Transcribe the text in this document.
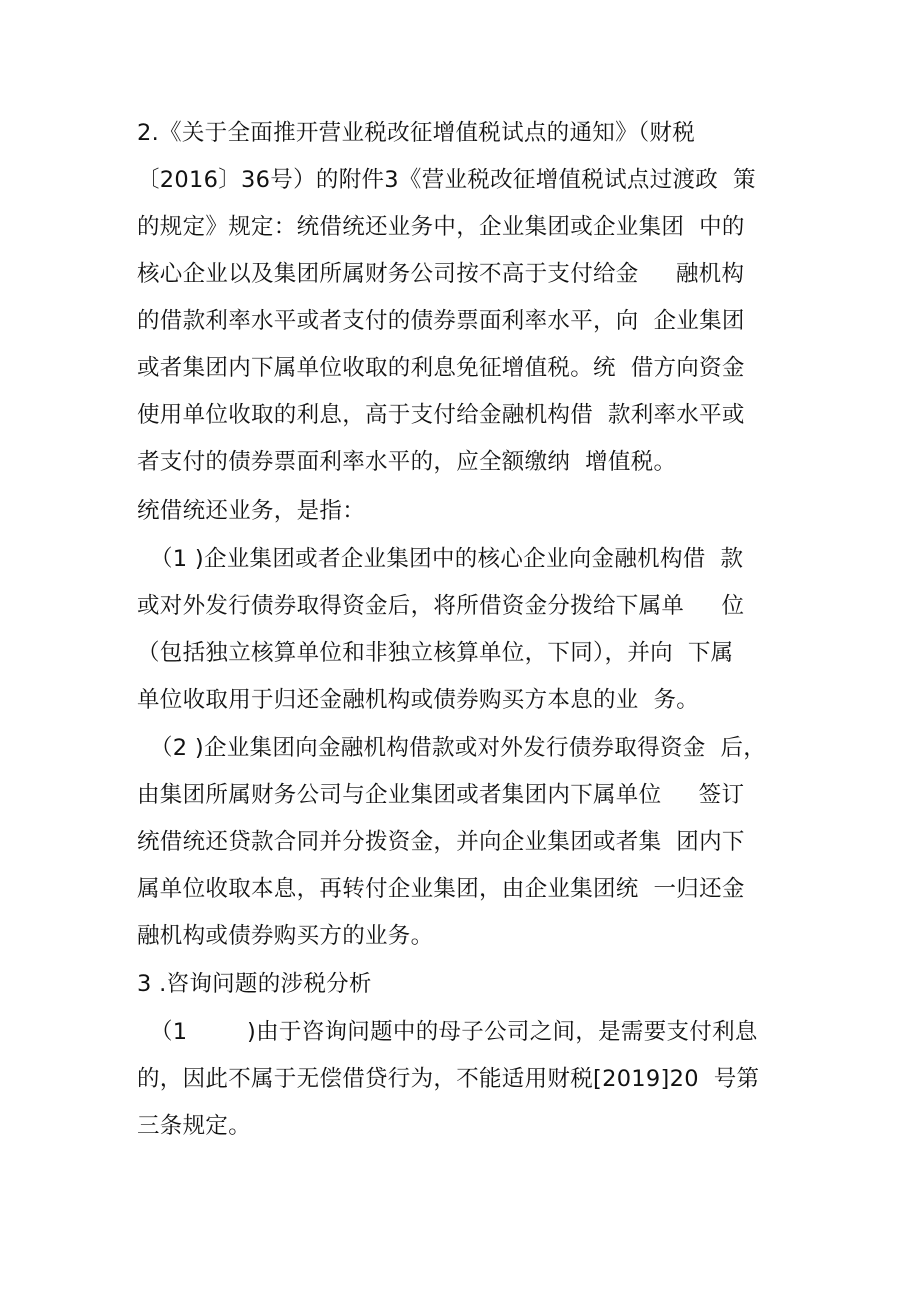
2.《关于全面推开营业税改征增值税试点的通知》（财税
〔2016〕36号）的附件3《营业税改征增值税试点过渡政  策
的规定》规定：统借统还业务中，企业集团或企业集团  中的
核心企业以及集团所属财务公司按不高于支付给金     融机构
的借款利率水平或者支付的债券票面利率水平，向  企业集团
或者集团内下属单位收取的利息免征增值税。统  借方向资金
使用单位收取的利息，高于支付给金融机构借  款利率水平或
者支付的债券票面利率水平的，应全额缴纳  增值税。
统借统还业务，是指：
（1 )企业集团或者企业集团中的核心企业向金融机构借  款
或对外发行债券取得资金后，将所借资金分拨给下属单     位
（包括独立核算单位和非独立核算单位，下同），并向  下属
单位收取用于归还金融机构或债券购买方本息的业  务。
（2 )企业集团向金融机构借款或对外发行债券取得资金  后，
由集团所属财务公司与企业集团或者集团内下属单位     签订
统借统还贷款合同并分拨资金，并向企业集团或者集  团内下
属单位收取本息，再转付企业集团，由企业集团统  一归还金
融机构或债券购买方的业务。
3 .咨询问题的涉税分析
（1        )由于咨询问题中的母子公司之间，是需要支付利息
的，因此不属于无偿借贷行为，不能适用财税[2019]20  号第
三条规定。
